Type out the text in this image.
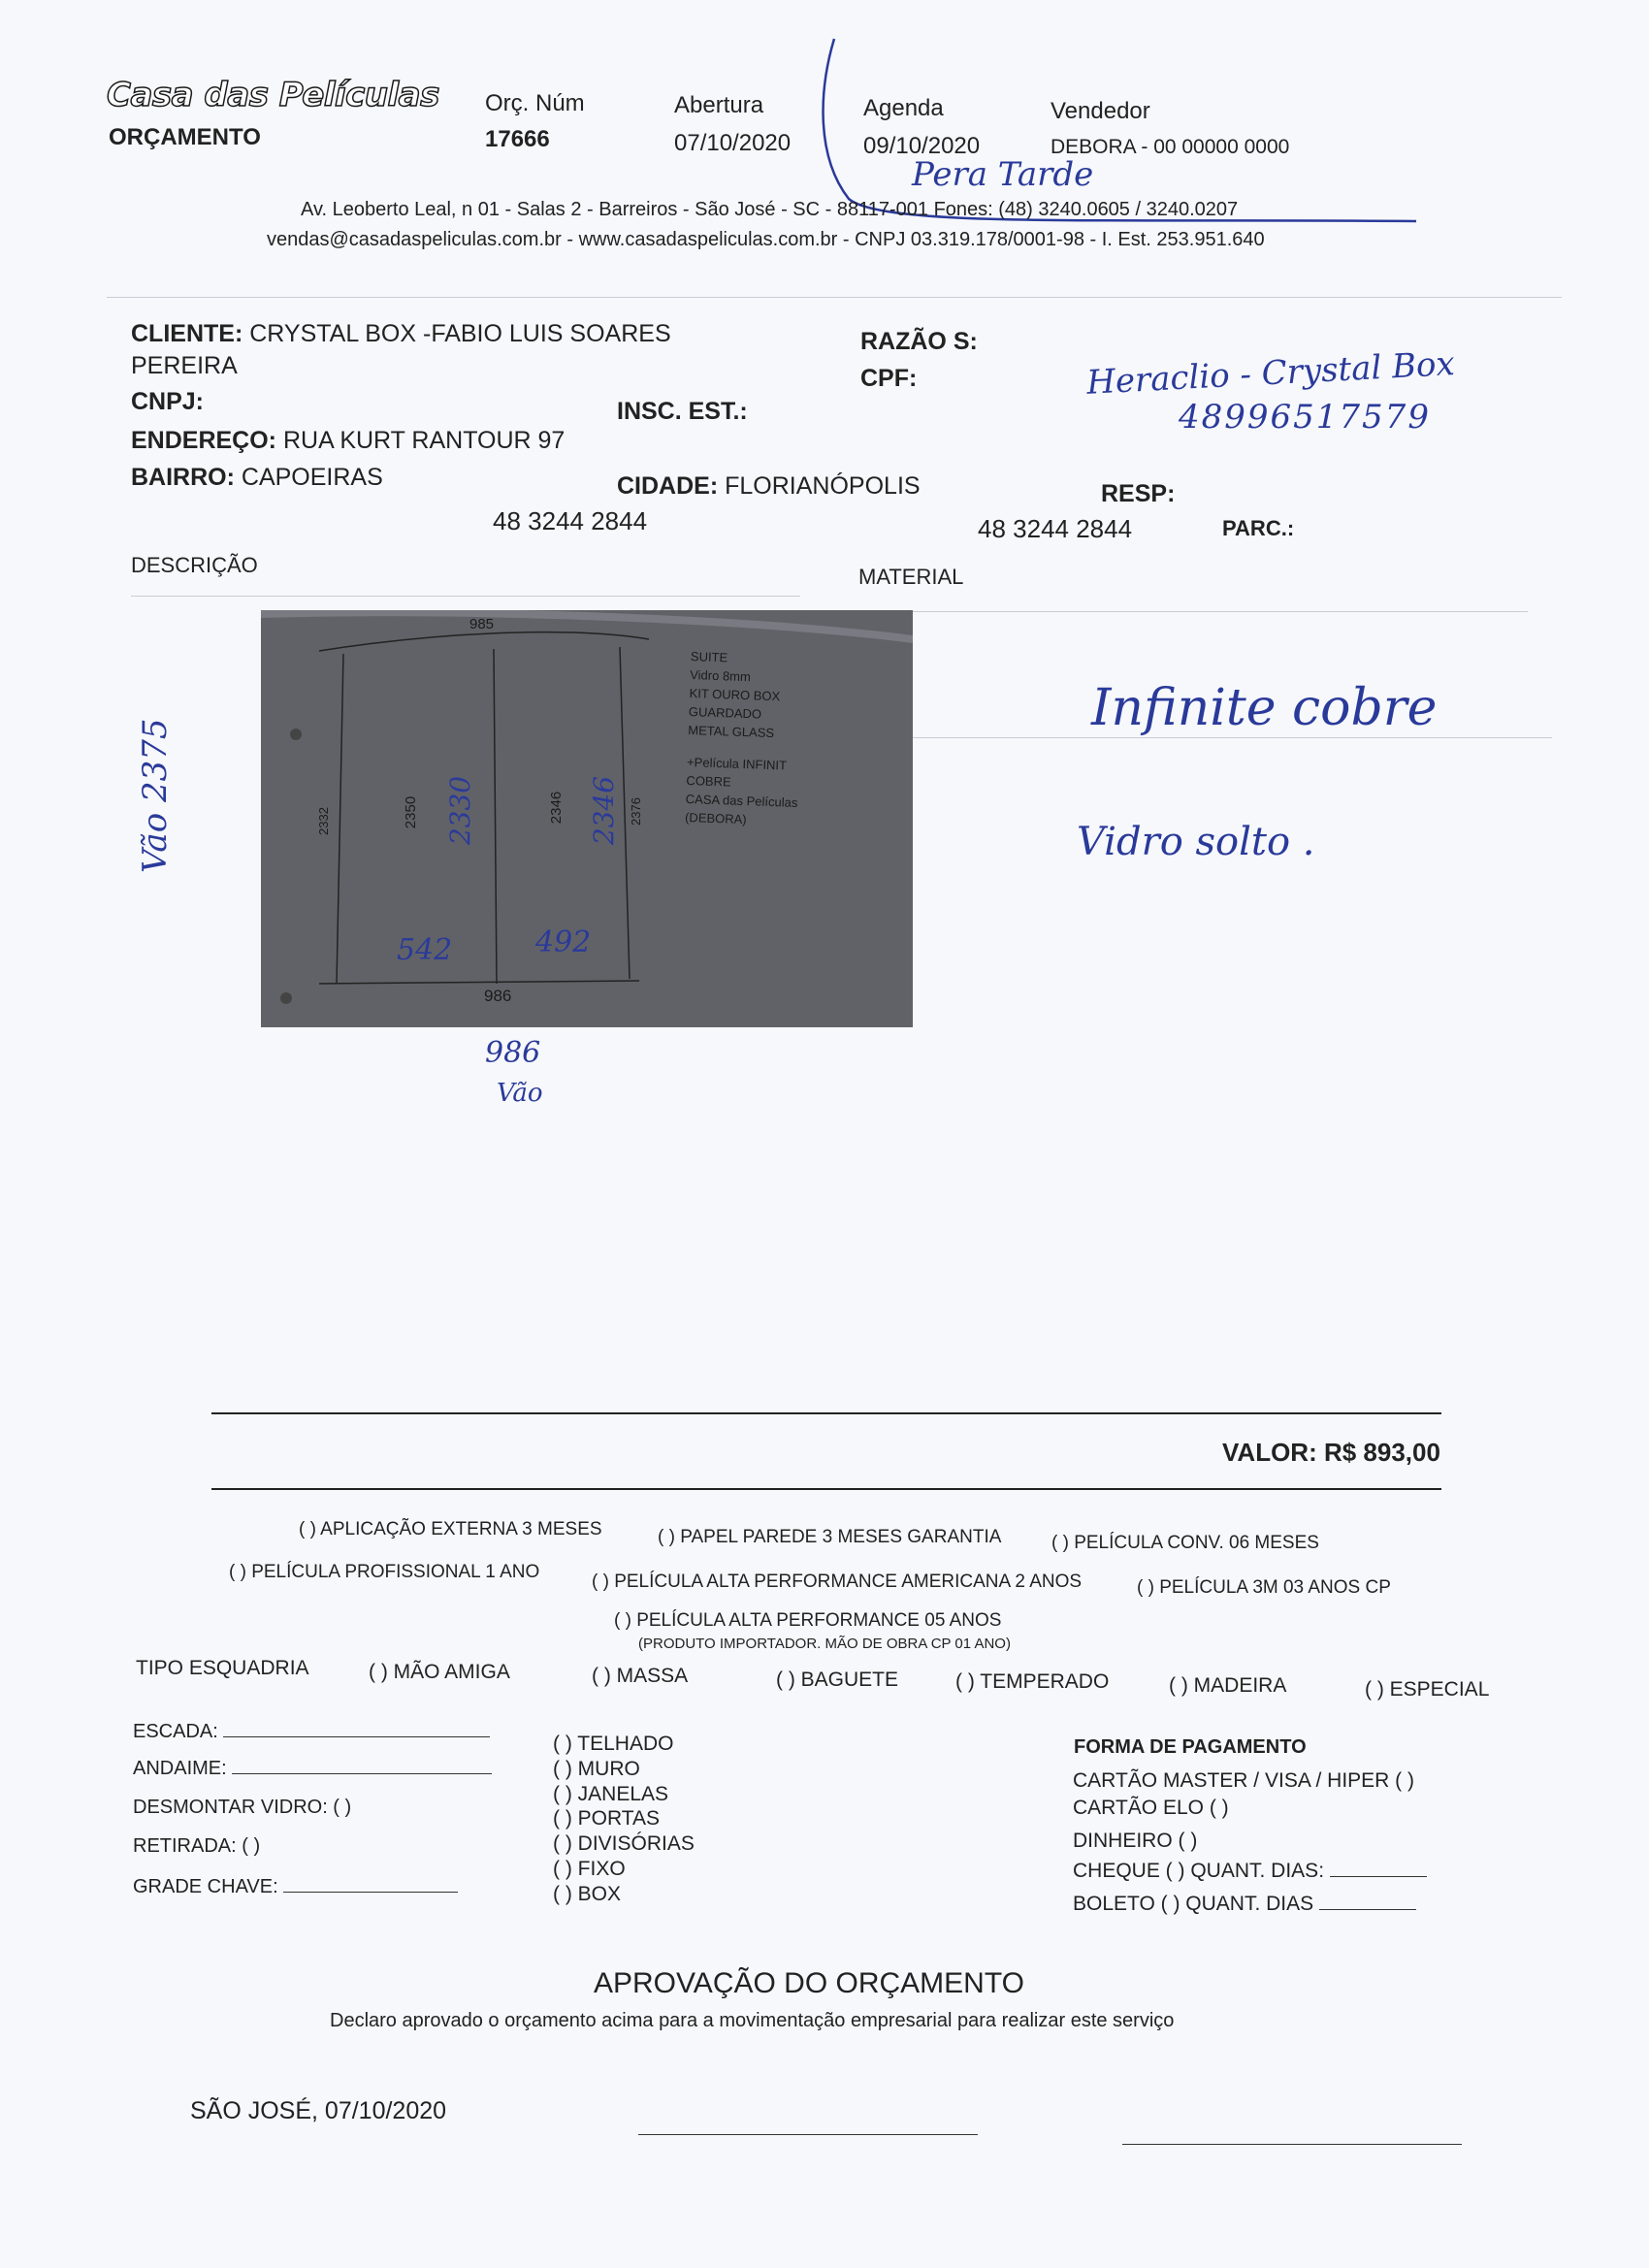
Casa das Películas
ORÇAMENTO
Orç. Núm
17666
Abertura
07/10/2020
Agenda
09/10/2020
Vendedor
DEBORA - 00 00000 0000
Pera Tarde
Av. Leoberto Leal, n 01 - Salas 2 - Barreiros - São José - SC - 88117-001 Fones: (48) 3240.0605 / 3240.0207
vendas@casadaspeliculas.com.br - www.casadaspeliculas.com.br - CNPJ 03.319.178/0001-98 - I. Est. 253.951.640
CLIENTE: CRYSTAL BOX -FABIO LUIS SOARES
PEREIRA
RAZÃO S:
CPF:
CNPJ:	INSC. EST.:
ENDEREÇO: RUA KURT RANTOUR 97
BAIRRO: CAPOEIRAS	CIDADE: FLORIANÓPOLIS	RESP:
48 3244 2844	48 3244 2844	PARC.:
Heraclio - Crystal Box
48996517579
DESCRIÇÃO	MATERIAL
985
986
2332	2350 2330	2346 2346 2376
542	492
SUITE
Vidro 8mm
KIT OURO BOX
GUARDADO
METAL GLASS
+Película INFINIT
COBRE
CASA das Películas
(DEBORA)
Vão 2375
986
Vão
Infinite cobre
Vidro solto .
VALOR: R$ 893,00
( ) APLICAÇÃO EXTERNA 3 MESES	( ) PAPEL PAREDE 3 MESES GARANTIA	( ) PELÍCULA CONV. 06 MESES
( ) PELÍCULA PROFISSIONAL 1 ANO	( ) PELÍCULA ALTA PERFORMANCE AMERICANA 2 ANOS	( ) PELÍCULA 3M 03 ANOS CP
( ) PELÍCULA ALTA PERFORMANCE 05 ANOS
(PRODUTO IMPORTADOR. MÃO DE OBRA CP 01 ANO)
TIPO ESQUADRIA	( ) MÃO AMIGA	( ) MASSA	( ) BAGUETE	( ) TEMPERADO	( ) MADEIRA	( ) ESPECIAL
ESCADA:
ANDAIME:
DESMONTAR VIDRO: ( )
RETIRADA: ( )
GRADE CHAVE:
( ) TELHADO
( ) MURO
( ) JANELAS
( ) PORTAS
( ) DIVISÓRIAS
( ) FIXO
( ) BOX
FORMA DE PAGAMENTO
CARTÃO MASTER / VISA / HIPER ( )
CARTÃO ELO ( )
DINHEIRO ( )
CHEQUE ( ) QUANT. DIAS:
BOLETO ( ) QUANT. DIAS
APROVAÇÃO DO ORÇAMENTO
Declaro aprovado o orçamento acima para a movimentação empresarial para realizar este serviço
SÃO JOSÉ, 07/10/2020
